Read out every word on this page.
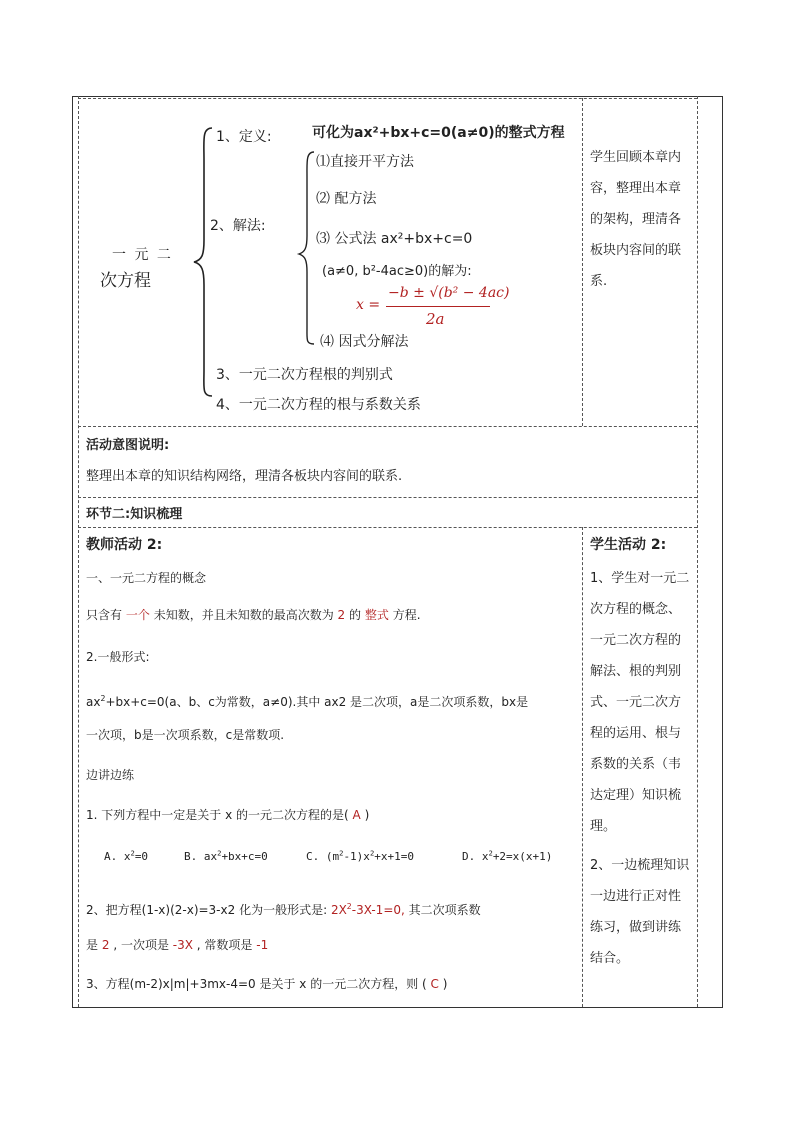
一 元 二
次方程
1、定义:	可化为ax²+bx+c=0(a≠0)的整式方程
2、解法:
⑴直接开平方法
⑵ 配方法
⑶ 公式法 ax²+bx+c=0
(a≠0, b²-4ac≥0)的解为:
x =
−b ± √(b² − 4ac)
2a
⑷ 因式分解法
3、一元二次方程根的判别式
4、一元二次方程的根与系数关系
学生回顾本章内
容，整理出本章
的架构，理清各
板块内容间的联
系.
活动意图说明:
整理出本章的知识结构网络，理清各板块内容间的联系.
环节二:知识梳理
教师活动 2:
一、一元二方程的概念
只含有 一个 未知数，并且未知数的最高次数为 2 的 整式 方程.
2.一般形式:
$ax^2+bx+c=0(a$、b、c为常数，a≠0).其中 ax2 是二次项，a是二次项系数，bx是
一次项，b是一次项系数，c是常数项.
边讲边练
1. 下列方程中一定是关于 x 的一元二次方程的是( A )
A. $x^2=0$	B. $ax^2+bx+c=0$	C. $(m^2-1)x^2+x+1=0$	D. $x^2+2=x(x+1)$
2、把方程(1-x)(2-x)=3-x2 化为一般形式是: $2X^2-3X-1=0$, 其二次项系数
是 2 , 一次项是 -3X , 常数项是 -1
3、方程(m-2)x|m|+3mx-4=0 是关于 x 的一元二次方程，则 ( C )
学生活动 2:
1、学生对一元二
次方程的概念、
一元二次方程的
解法、根的判别
式、一元二次方
程的运用、根与
系数的关系（韦
达定理）知识梳
理。
2、一边梳理知识
一边进行正对性
练习，做到讲练
结合。
